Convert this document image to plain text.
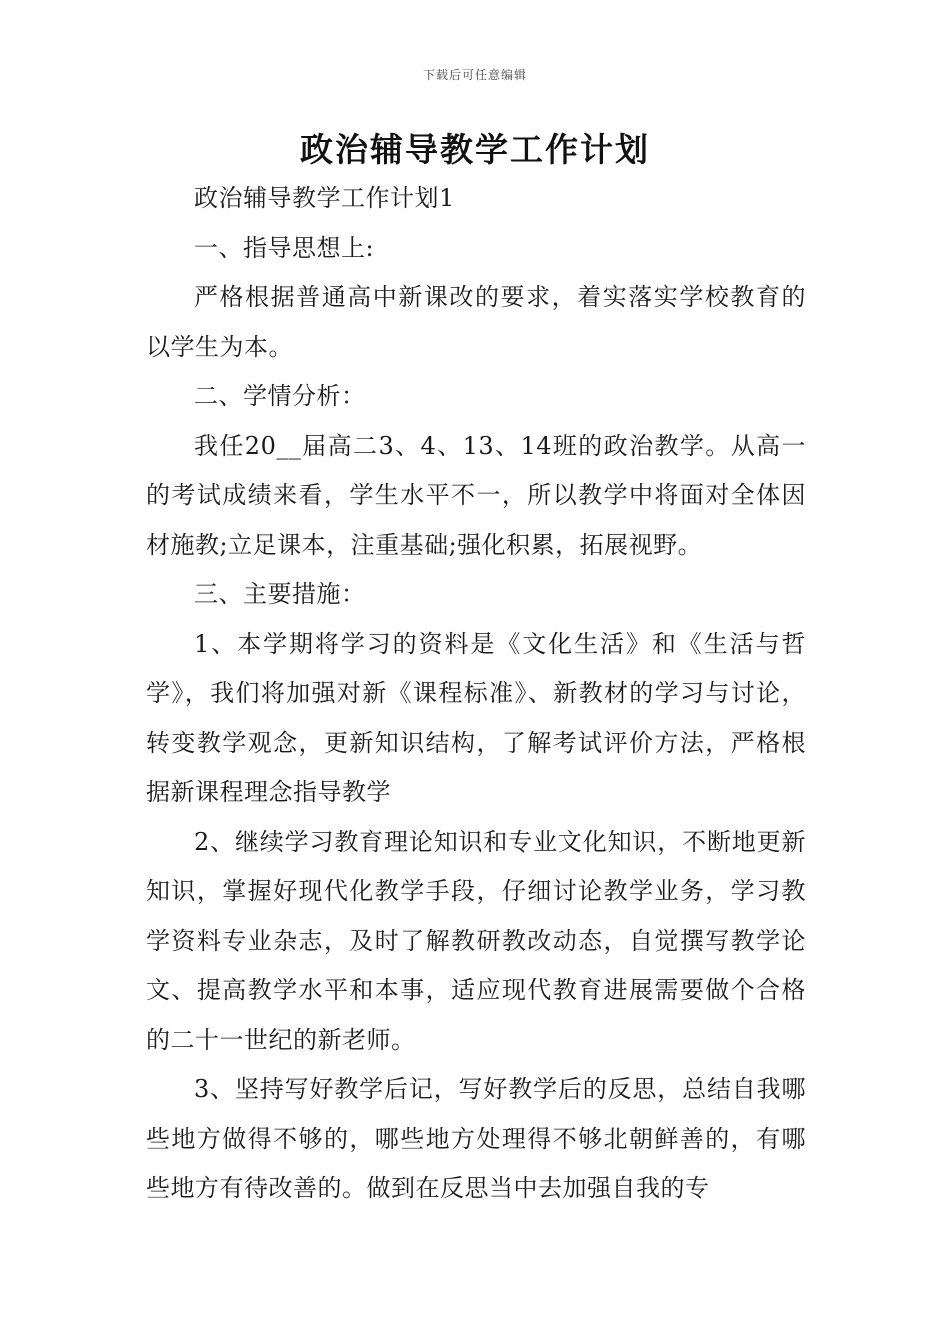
下载后可任意编辑
政治辅导教学工作计划

政治辅导教学工作计划1

一、指导思想上:

严格根据普通高中新课改的要求，着实落实学校教育的以学生为本。

二、学情分析：

我任20__届高二3、4、13、14班的政治教学。从高一的考试成绩来看，学生水平不一，所以教学中将面对全体因材施教;立足课本，注重基础;强化积累，拓展视野。

三、主要措施：

1、本学期将学习的资料是《文化生活》和《生活与哲学》，我们将加强对新《课程标准》、新教材的学习与讨论，转变教学观念，更新知识结构，了解考试评价方法，严格根据新课程理念指导教学

2、继续学习教育理论知识和专业文化知识，不断地更新知识，掌握好现代化教学手段，仔细讨论教学业务，学习教学资料专业杂志，及时了解教研教改动态，自觉撰写教学论文、提高教学水平和本事，适应现代教育进展需要做个合格的二十一世纪的新老师。

3、坚持写好教学后记，写好教学后的反思，总结自我哪些地方做得不够的，哪些地方处理得不够北朝鲜善的，有哪些地方有待改善的。做到在反思当中去加强自我的专
